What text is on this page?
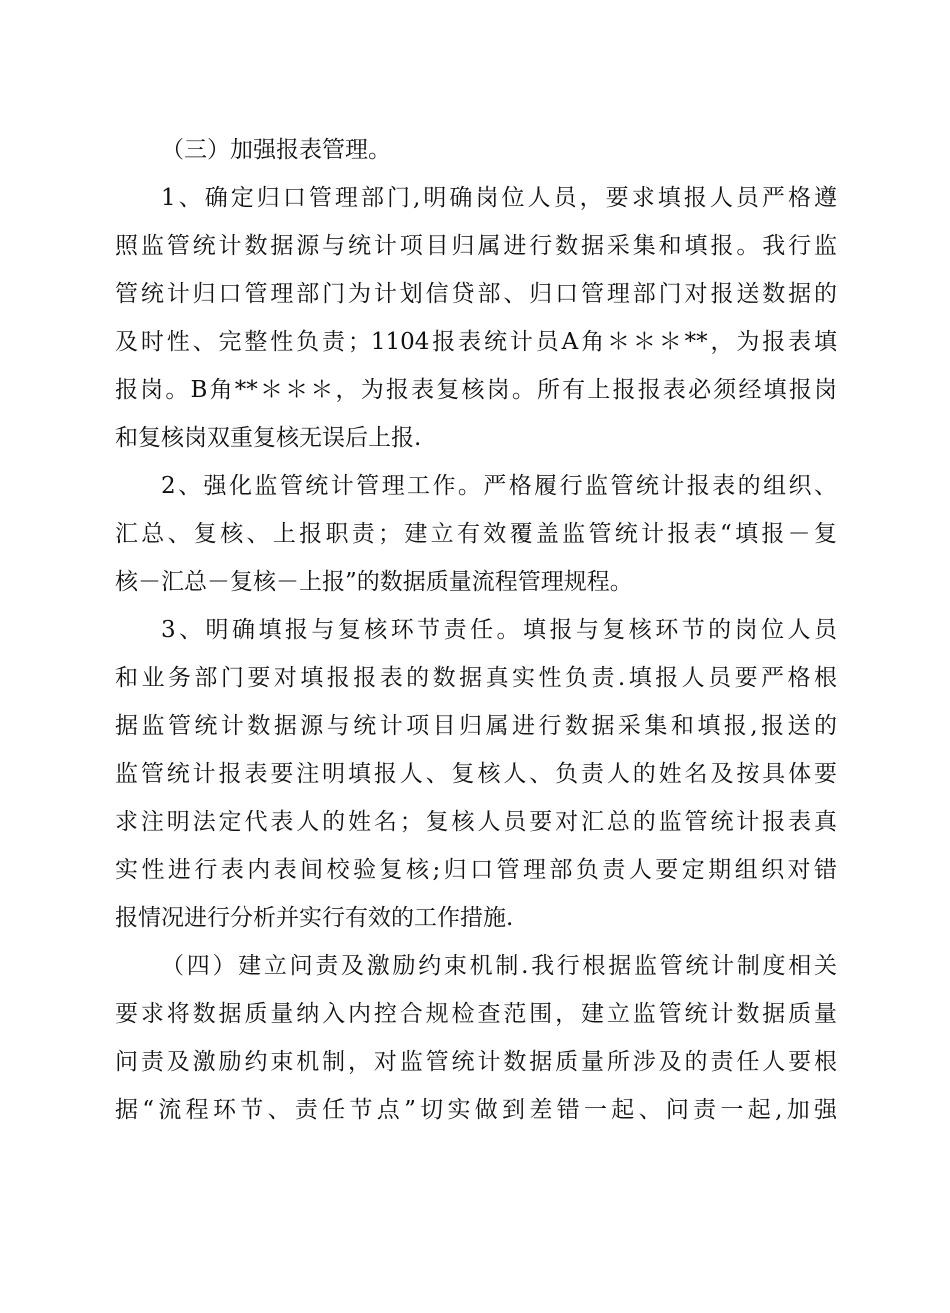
（三）加强报表管理。
1、确定归口管理部门,明确岗位人员，要求填报人员严格遵
照监管统计数据源与统计项目归属进行数据采集和填报。我行监
管统计归口管理部门为计划信贷部、归口管理部门对报送数据的
及时性、完整性负责；1104报表统计员A角＊＊＊**，为报表填
报岗。B角**＊＊＊，为报表复核岗。所有上报报表必须经填报岗
和复核岗双重复核无误后上报.
2、强化监管统计管理工作。严格履行监管统计报表的组织、
汇总、复核、上报职责；建立有效覆盖监管统计报表“填报－复
核－汇总－复核－上报”的数据质量流程管理规程。
3、明确填报与复核环节责任。填报与复核环节的岗位人员
和业务部门要对填报报表的数据真实性负责.填报人员要严格根
据监管统计数据源与统计项目归属进行数据采集和填报,报送的
监管统计报表要注明填报人、复核人、负责人的姓名及按具体要
求注明法定代表人的姓名；复核人员要对汇总的监管统计报表真
实性进行表内表间校验复核;归口管理部负责人要定期组织对错
报情况进行分析并实行有效的工作措施.
（四）建立问责及激励约束机制.我行根据监管统计制度相关
要求将数据质量纳入内控合规检查范围，建立监管统计数据质量
问责及激励约束机制，对监管统计数据质量所涉及的责任人要根
据“流程环节、责任节点”切实做到差错一起、问责一起,加强
